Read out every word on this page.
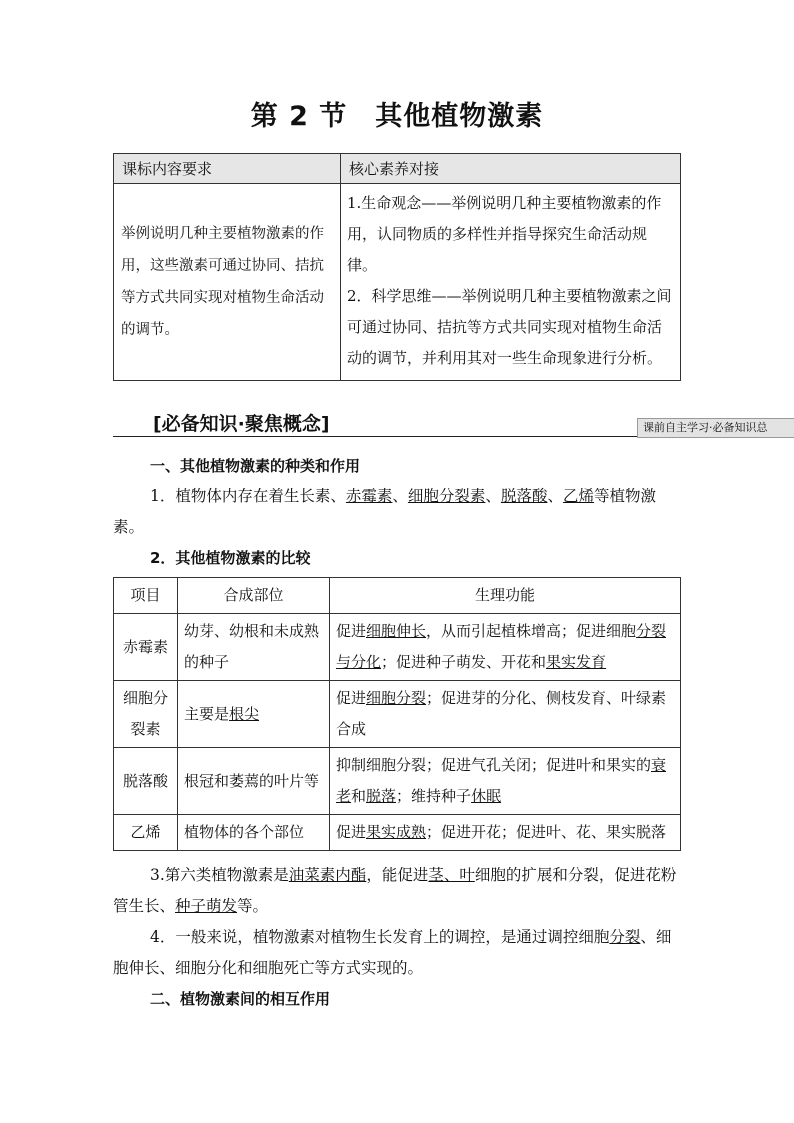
第 2 节　其他植物激素
课标内容要求	核心素养对接
举例说明几种主要植物激素的作用，这些激素可通过协同、拮抗等方式共同实现对植物生命活动的调节。	1.生命观念——举例说明几种主要植物激素的作用，认同物质的多样性并指导探究生命活动规律。
2．科学思维——举例说明几种主要植物激素之间可通过协同、拮抗等方式共同实现对植物生命活动的调节，并利用其对一些生命现象进行分析。
[必备知识·聚焦概念]	课前自主学习·必备知识总
一、其他植物激素的种类和作用
1．植物体内存在着生长素、赤霉素、细胞分裂素、脱落酸、乙烯等植物激素。
2．其他植物激素的比较
项目	合成部位	生理功能
赤霉素	幼芽、幼根和未成熟的种子	促进细胞伸长，从而引起植株增高；促进细胞分裂与分化；促进种子萌发、开花和果实发育
细胞分裂素	主要是根尖	促进细胞分裂；促进芽的分化、侧枝发育、叶绿素合成
脱落酸	根冠和萎蔫的叶片等	抑制细胞分裂；促进气孔关闭；促进叶和果实的衰老和脱落；维持种子休眠
乙烯	植物体的各个部位	促进果实成熟；促进开花；促进叶、花、果实脱落
3.第六类植物激素是油菜素内酯，能促进茎、叶细胞的扩展和分裂，促进花粉管生长、种子萌发等。
4．一般来说，植物激素对植物生长发育上的调控，是通过调控细胞分裂、细胞伸长、细胞分化和细胞死亡等方式实现的。
二、植物激素间的相互作用
